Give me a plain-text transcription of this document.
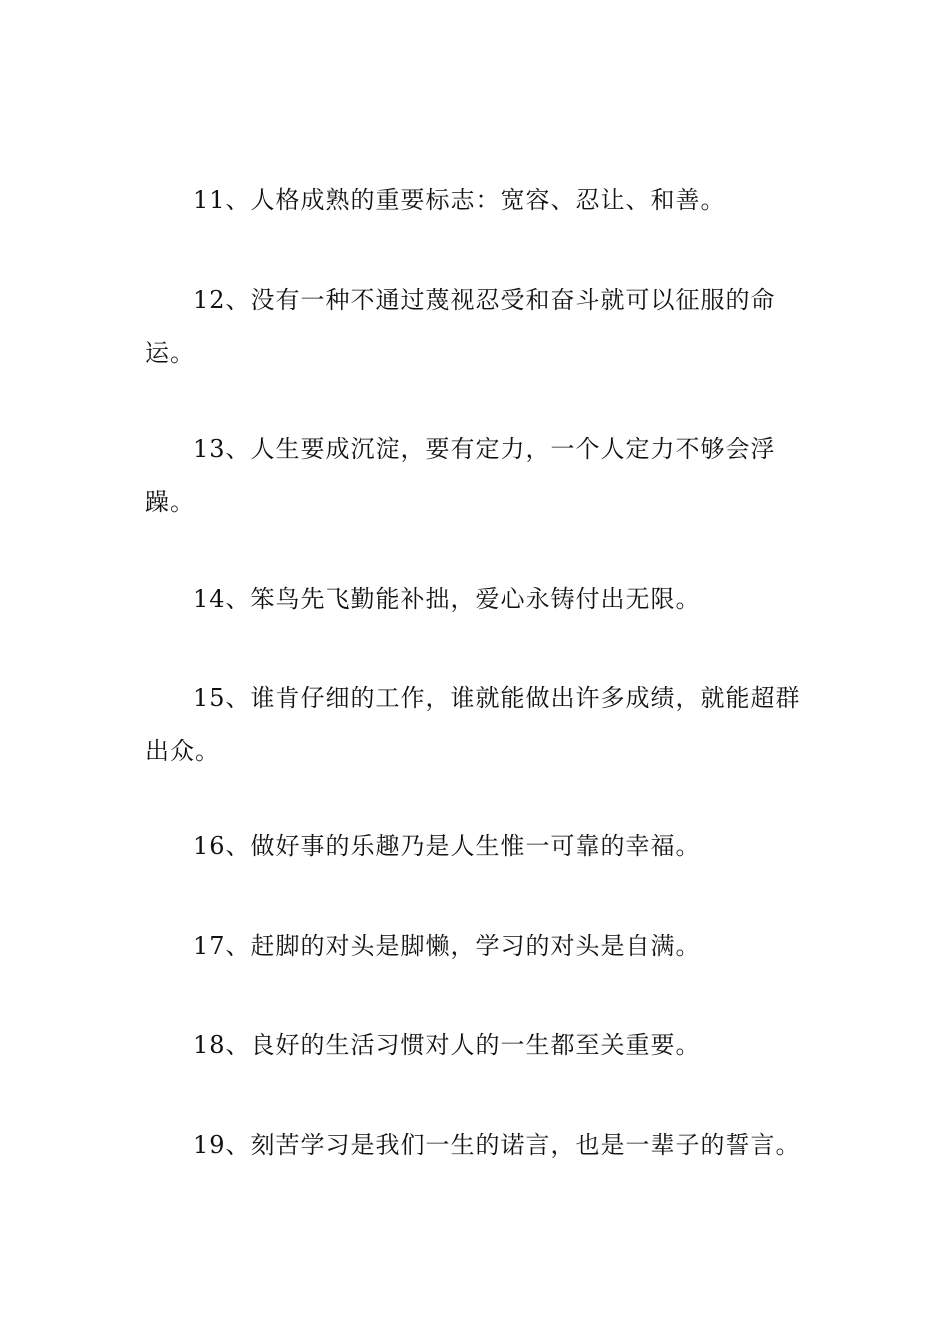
11、人格成熟的重要标志：宽容、忍让、和善。

12、没有一种不通过蔑视忍受和奋斗就可以征服的命运。

13、人生要成沉淀，要有定力，一个人定力不够会浮躁。

14、笨鸟先飞勤能补拙，爱心永铸付出无限。

15、谁肯仔细的工作，谁就能做出许多成绩，就能超群出众。

16、做好事的乐趣乃是人生惟一可靠的幸福。

17、赶脚的对头是脚懒，学习的对头是自满。

18、良好的生活习惯对人的一生都至关重要。

19、刻苦学习是我们一生的诺言，也是一辈子的誓言。
